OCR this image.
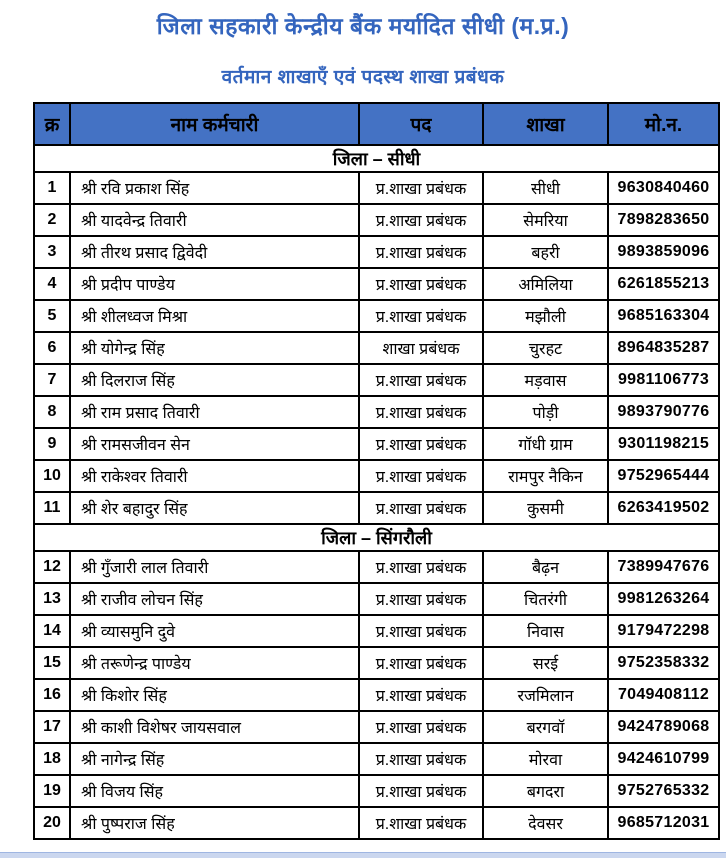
जिला सहकारी केन्द्रीय बैंक मर्यादित सीधी (म.प्र.)
वर्तमान शाखाएँ एवं पदस्थ शाखा प्रबंधक
क्र	नाम कर्मचारी	पद	शाखा	मो.न.
जिला – सीधी				
1	श्री रवि प्रकाश सिंह	प्र.शाखा प्रबंधक	सीधी	9630840460
2	श्री यादवेन्द्र तिवारी	प्र.शाखा प्रबंधक	सेमरिया	7898283650
3	श्री तीरथ प्रसाद द्विवेदी	प्र.शाखा प्रबंधक	बहरी	9893859096
4	श्री प्रदीप पाण्डेय	प्र.शाखा प्रबंधक	अमिलिया	6261855213
5	श्री शीलध्वज मिश्रा	प्र.शाखा प्रबंधक	मझौली	9685163304
6	श्री योगेन्द्र सिंह	शाखा प्रबंधक	चुरहट	8964835287
7	श्री दिलराज सिंह	प्र.शाखा प्रबंधक	मड़वास	9981106773
8	श्री राम प्रसाद तिवारी	प्र.शाखा प्रबंधक	पोड़ी	9893790776
9	श्री रामसजीवन सेन	प्र.शाखा प्रबंधक	गॉधी ग्राम	9301198215
10	श्री राकेश्वर तिवारी	प्र.शाखा प्रबंधक	रामपुर नैकिन	9752965444
11	श्री शेर बहादुर सिंह	प्र.शाखा प्रबंधक	कुसमी	6263419502
जिला – सिंगरौली				
12	श्री गुँजारी लाल तिवारी	प्र.शाखा प्रबंधक	बैढ़न	7389947676
13	श्री राजीव लोचन सिंह	प्र.शाखा प्रबंधक	चितरंगी	9981263264
14	श्री व्यासमुनि दुवे	प्र.शाखा प्रबंधक	निवास	9179472298
15	श्री तरूणेन्द्र पाण्डेय	प्र.शाखा प्रबंधक	सरई	9752358332
16	श्री किशोर सिंह	प्र.शाखा प्रबंधक	रजमिलान	7049408112
17	श्री काशी विशेषर जायसवाल	प्र.शाखा प्रबंधक	बरगवॉ	9424789068
18	श्री नागेन्द्र सिंह	प्र.शाखा प्रबंधक	मोरवा	9424610799
19	श्री विजय सिंह	प्र.शाखा प्रबंधक	बगदरा	9752765332
20	श्री पुष्पराज सिंह	प्र.शाखा प्रबंधक	देवसर	9685712031
